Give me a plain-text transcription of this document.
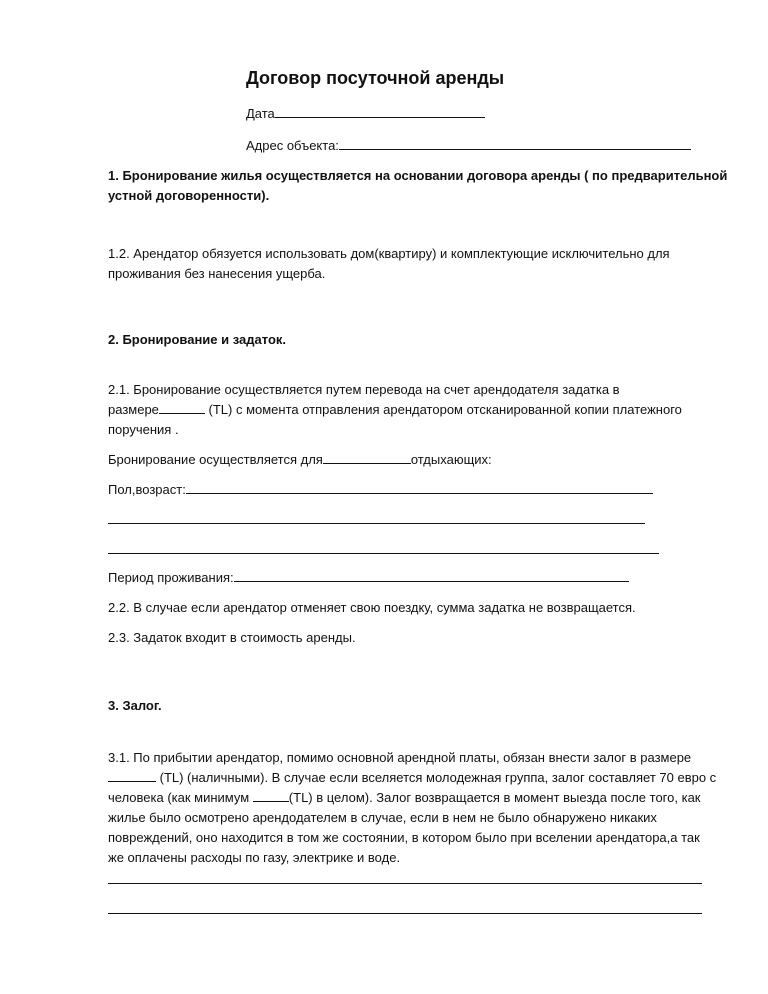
Договор посуточной аренды
Дата
Адрес объекта:
1. Бронирование жилья осуществляется на основании договора аренды ( по предварительной
устной договоренности).
1.2. Арендатор обязуется использовать дом(квартиру) и комплектующие исключительно для
проживания без нанесения ущерба.
2. Бронирование и задаток.
2.1. Бронирование осуществляется путем перевода на счет арендодателя задатка в
размере	(TL) с момента отправления арендатором отсканированной копии платежного
поручения .
Бронирование осуществляется для	отдыхающих:
Пол,возраст:
Период проживания:
2.2. В случае если арендатор отменяет свою поездку, сумма задатка не возвращается.
2.3. Задаток входит в стоимость аренды.
3. Залог.
3.1. По прибытии арендатор, помимо основной арендной платы, обязан внести залог в размере
(TL) (наличными). В случае если вселяется молодежная группа, залог составляет 70 евро с
человека (как минимум	(TL) в целом). Залог возвращается в момент выезда после того, как
жилье было осмотрено арендодателем в случае, если в нем не было обнаружено никаких
повреждений, оно находится в том же состоянии, в котором было при вселении арендатора,а так
же оплачены расходы по газу, электрике и воде.
